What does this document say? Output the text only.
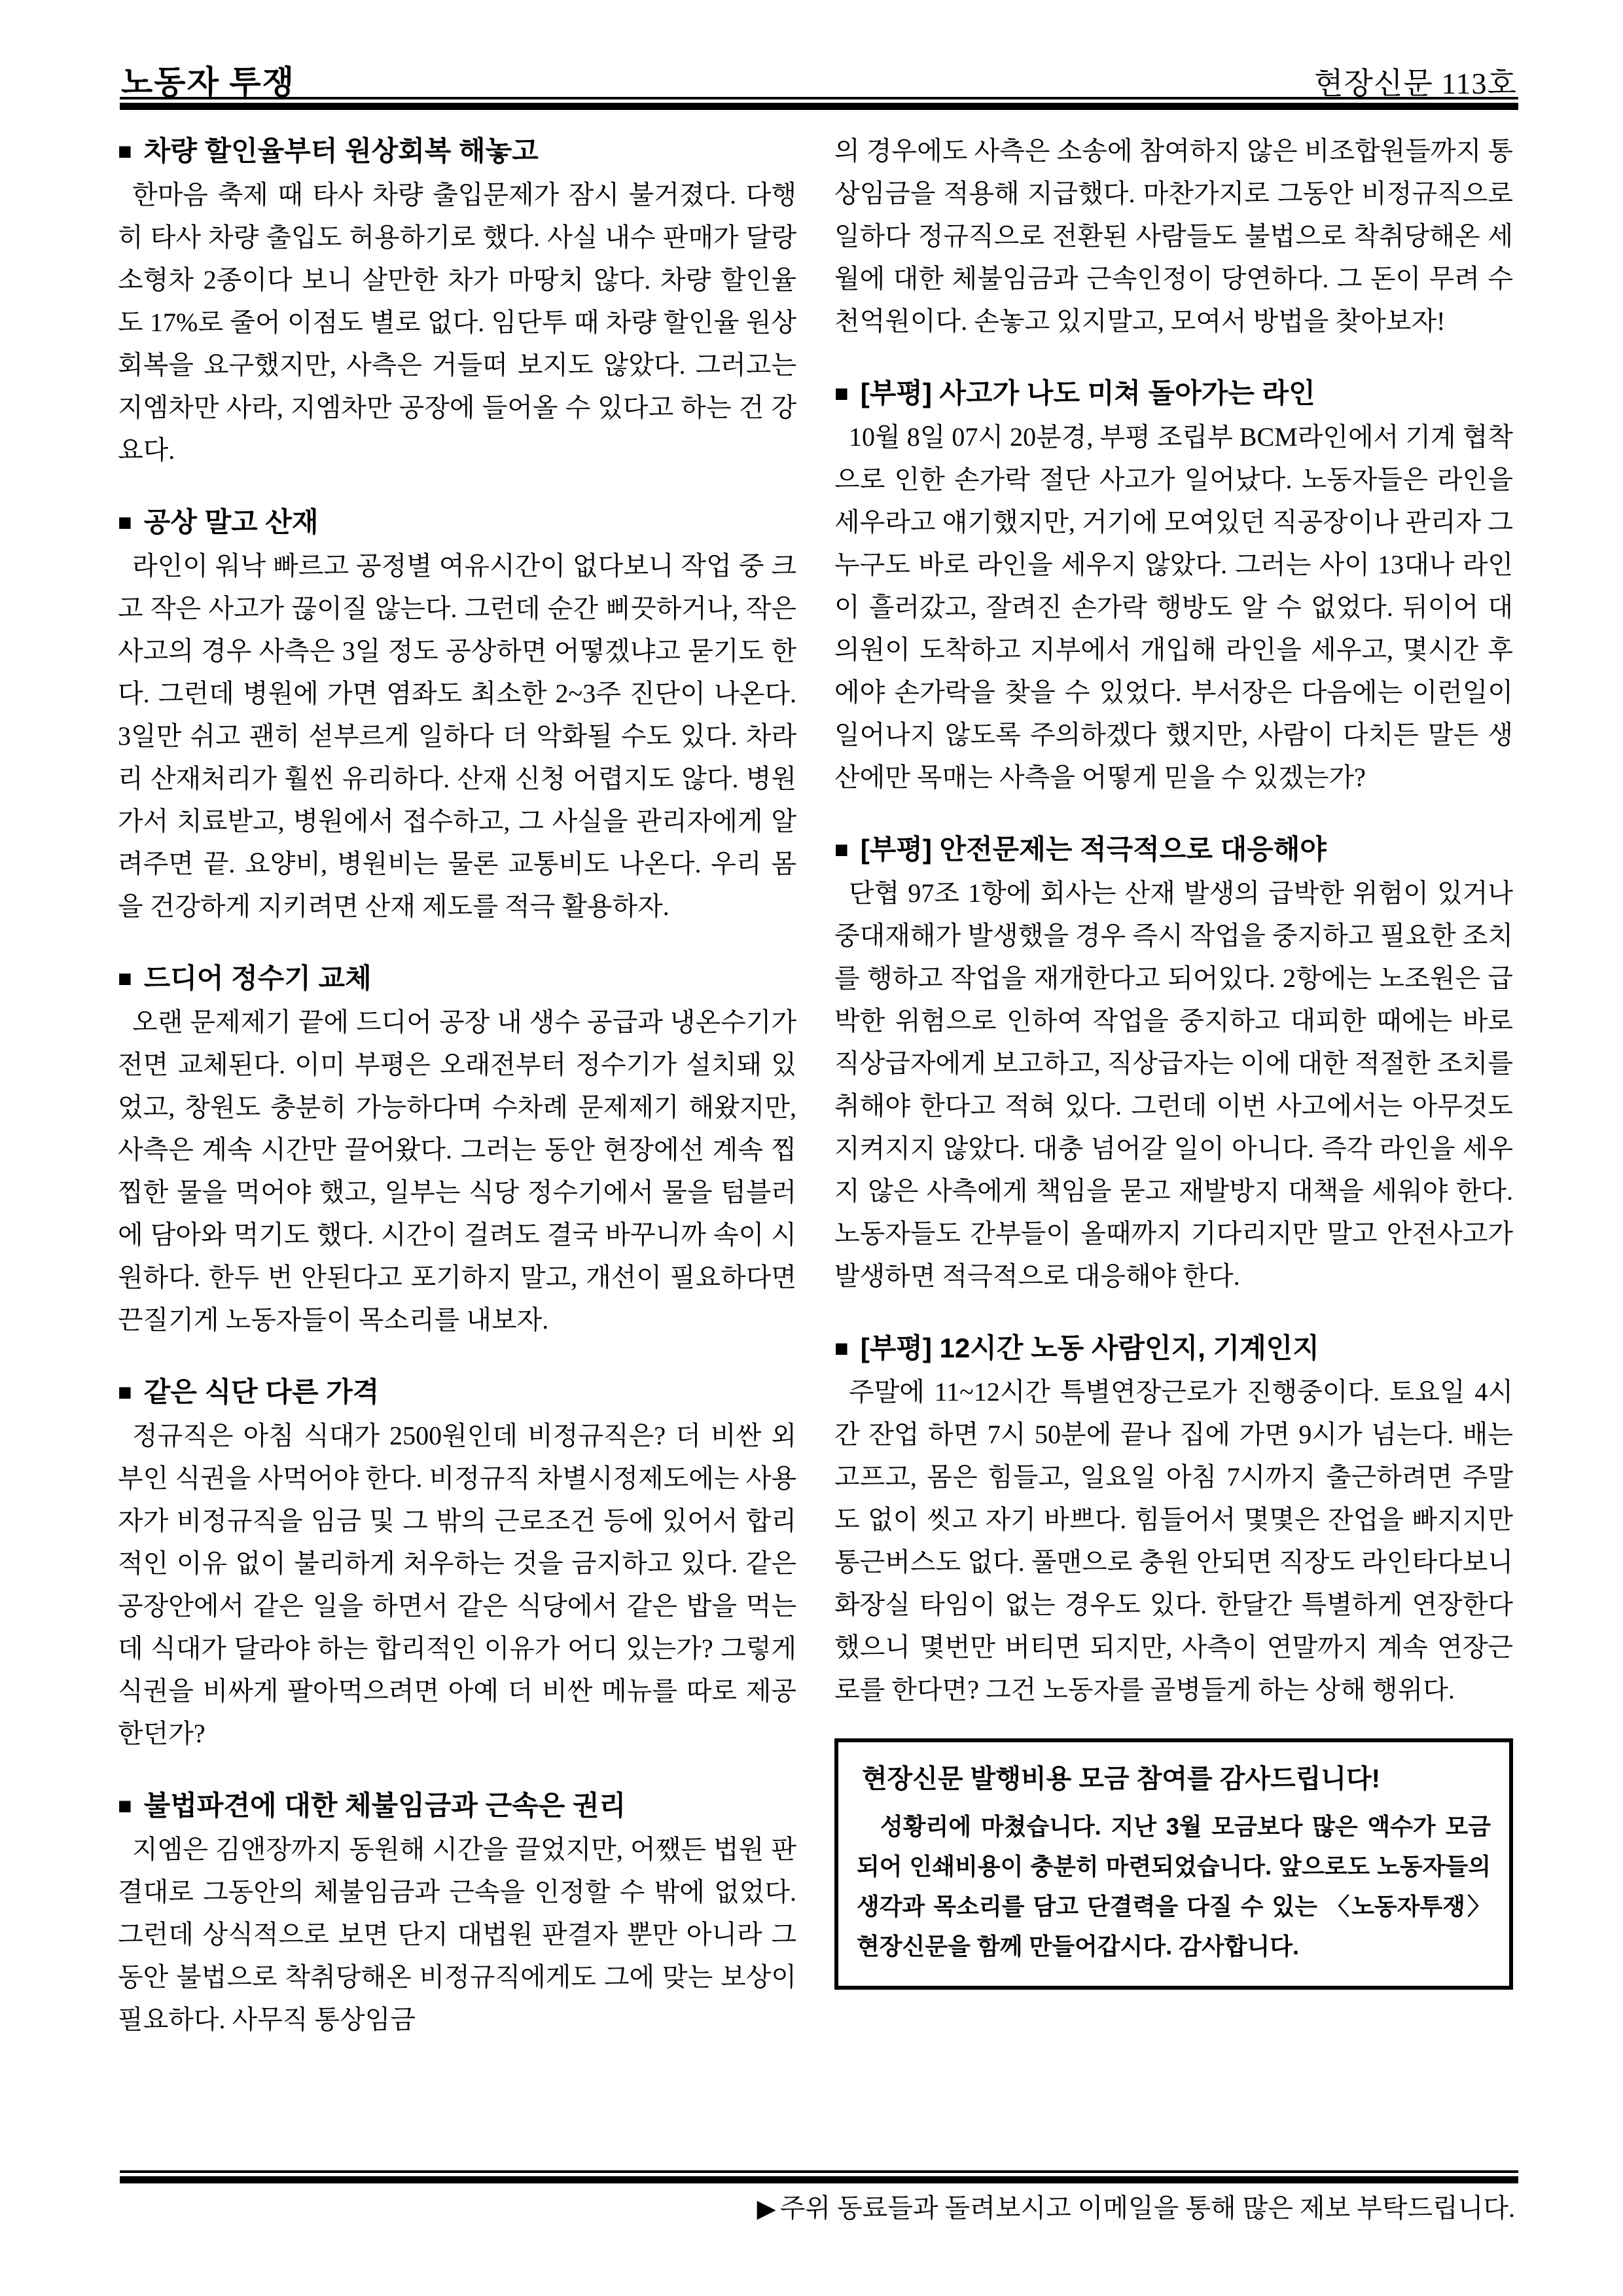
노동자 투쟁	현장신문 113호
■ 차량 할인율부터 원상회복 해놓고

한마음 축제 때 타사 차량 출입문제가 잠시 불거졌다. 다행히 타사 차량 출입도 허용하기로 했다. 사실 내수 판매가 달랑 소형차 2종이다 보니 살만한 차가 마땅치 않다. 차량 할인율도 17%로 줄어 이점도 별로 없다. 임단투 때 차량 할인율 원상회복을 요구했지만, 사측은 거들떠 보지도 않았다. 그러고는 지엠차만 사라, 지엠차만 공장에 들어올 수 있다고 하는 건 강요다.

■ 공상 말고 산재

라인이 워낙 빠르고 공정별 여유시간이 없다보니 작업 중 크고 작은 사고가 끊이질 않는다. 그런데 순간 삐끗하거나, 작은 사고의 경우 사측은 3일 정도 공상하면 어떻겠냐고 묻기도 한다. 그런데 병원에 가면 염좌도 최소한 2~3주 진단이 나온다. 3일만 쉬고 괜히 섣부르게 일하다 더 악화될 수도 있다. 차라리 산재처리가 훨씬 유리하다. 산재 신청 어렵지도 않다. 병원가서 치료받고, 병원에서 접수하고, 그 사실을 관리자에게 알려주면 끝. 요양비, 병원비는 물론 교통비도 나온다. 우리 몸을 건강하게 지키려면 산재 제도를 적극 활용하자.

■ 드디어 정수기 교체

오랜 문제제기 끝에 드디어 공장 내 생수 공급과 냉온수기가 전면 교체된다. 이미 부평은 오래전부터 정수기가 설치돼 있었고, 창원도 충분히 가능하다며 수차례 문제제기 해왔지만, 사측은 계속 시간만 끌어왔다. 그러는 동안 현장에선 계속 찝찝한 물을 먹어야 했고, 일부는 식당 정수기에서 물을 텀블러에 담아와 먹기도 했다. 시간이 걸려도 결국 바꾸니까 속이 시원하다. 한두 번 안된다고 포기하지 말고, 개선이 필요하다면 끈질기게 노동자들이 목소리를 내보자.

■ 같은 식단 다른 가격

정규직은 아침 식대가 2500원인데 비정규직은? 더 비싼 외부인 식권을 사먹어야 한다. 비정규직 차별시정제도에는 사용자가 비정규직을 임금 및 그 밖의 근로조건 등에 있어서 합리적인 이유 없이 불리하게 처우하는 것을 금지하고 있다. 같은 공장안에서 같은 일을 하면서 같은 식당에서 같은 밥을 먹는데 식대가 달라야 하는 합리적인 이유가 어디 있는가? 그렇게 식권을 비싸게 팔아먹으려면 아예 더 비싼 메뉴를 따로 제공한던가?

■ 불법파견에 대한 체불임금과 근속은 권리

지엠은 김앤장까지 동원해 시간을 끌었지만, 어쨌든 법원 판결대로 그동안의 체불임금과 근속을 인정할 수 밖에 없었다. 그런데 상식적으로 보면 단지 대법원 판결자 뿐만 아니라 그동안 불법으로 착취당해온 비정규직에게도 그에 맞는 보상이 필요하다. 사무직 통상임금

의 경우에도 사측은 소송에 참여하지 않은 비조합원들까지 통상임금을 적용해 지급했다. 마찬가지로 그동안 비정규직으로 일하다 정규직으로 전환된 사람들도 불법으로 착취당해온 세월에 대한 체불임금과 근속인정이 당연하다. 그 돈이 무려 수천억원이다. 손놓고 있지말고, 모여서 방법을 찾아보자!

■ [부평] 사고가 나도 미쳐 돌아가는 라인

10월 8일 07시 20분경, 부평 조립부 BCM라인에서 기계 협착으로 인한 손가락 절단 사고가 일어났다. 노동자들은 라인을 세우라고 얘기했지만, 거기에 모여있던 직공장이나 관리자 그 누구도 바로 라인을 세우지 않았다. 그러는 사이 13대나 라인이 흘러갔고, 잘려진 손가락 행방도 알 수 없었다. 뒤이어 대의원이 도착하고 지부에서 개입해 라인을 세우고, 몇시간 후에야 손가락을 찾을 수 있었다. 부서장은 다음에는 이런일이 일어나지 않도록 주의하겠다 했지만, 사람이 다치든 말든 생산에만 목매는 사측을 어떻게 믿을 수 있겠는가?

■ [부평] 안전문제는 적극적으로 대응해야

단협 97조 1항에 회사는 산재 발생의 급박한 위험이 있거나 중대재해가 발생했을 경우 즉시 작업을 중지하고 필요한 조치를 행하고 작업을 재개한다고 되어있다. 2항에는 노조원은 급박한 위험으로 인하여 작업을 중지하고 대피한 때에는 바로 직상급자에게 보고하고, 직상급자는 이에 대한 적절한 조치를 취해야 한다고 적혀 있다. 그런데 이번 사고에서는 아무것도 지켜지지 않았다. 대충 넘어갈 일이 아니다. 즉각 라인을 세우지 않은 사측에게 책임을 묻고 재발방지 대책을 세워야 한다. 노동자들도 간부들이 올때까지 기다리지만 말고 안전사고가 발생하면 적극적으로 대응해야 한다.

■ [부평] 12시간 노동 사람인지, 기계인지

주말에 11~12시간 특별연장근로가 진행중이다. 토요일 4시간 잔업 하면 7시 50분에 끝나 집에 가면 9시가 넘는다. 배는 고프고, 몸은 힘들고, 일요일 아침 7시까지 출근하려면 주말도 없이 씻고 자기 바쁘다. 힘들어서 몇몇은 잔업을 빠지지만 통근버스도 없다. 풀맨으로 충원 안되면 직장도 라인타다보니 화장실 타임이 없는 경우도 있다. 한달간 특별하게 연장한다 했으니 몇번만 버티면 되지만, 사측이 연말까지 계속 연장근로를 한다면? 그건 노동자를 골병들게 하는 상해 행위다.

현장신문 발행비용 모금 참여를 감사드립니다!

성황리에 마쳤습니다. 지난 3월 모금보다 많은 액수가 모금되어 인쇄비용이 충분히 마련되었습니다. 앞으로도 노동자들의 생각과 목소리를 담고 단결력을 다질 수 있는 〈노동자투쟁〉 현장신문을 함께 만들어갑시다. 감사합니다.

▶ 주위 동료들과 돌려보시고 이메일을 통해 많은 제보 부탁드립니다.
